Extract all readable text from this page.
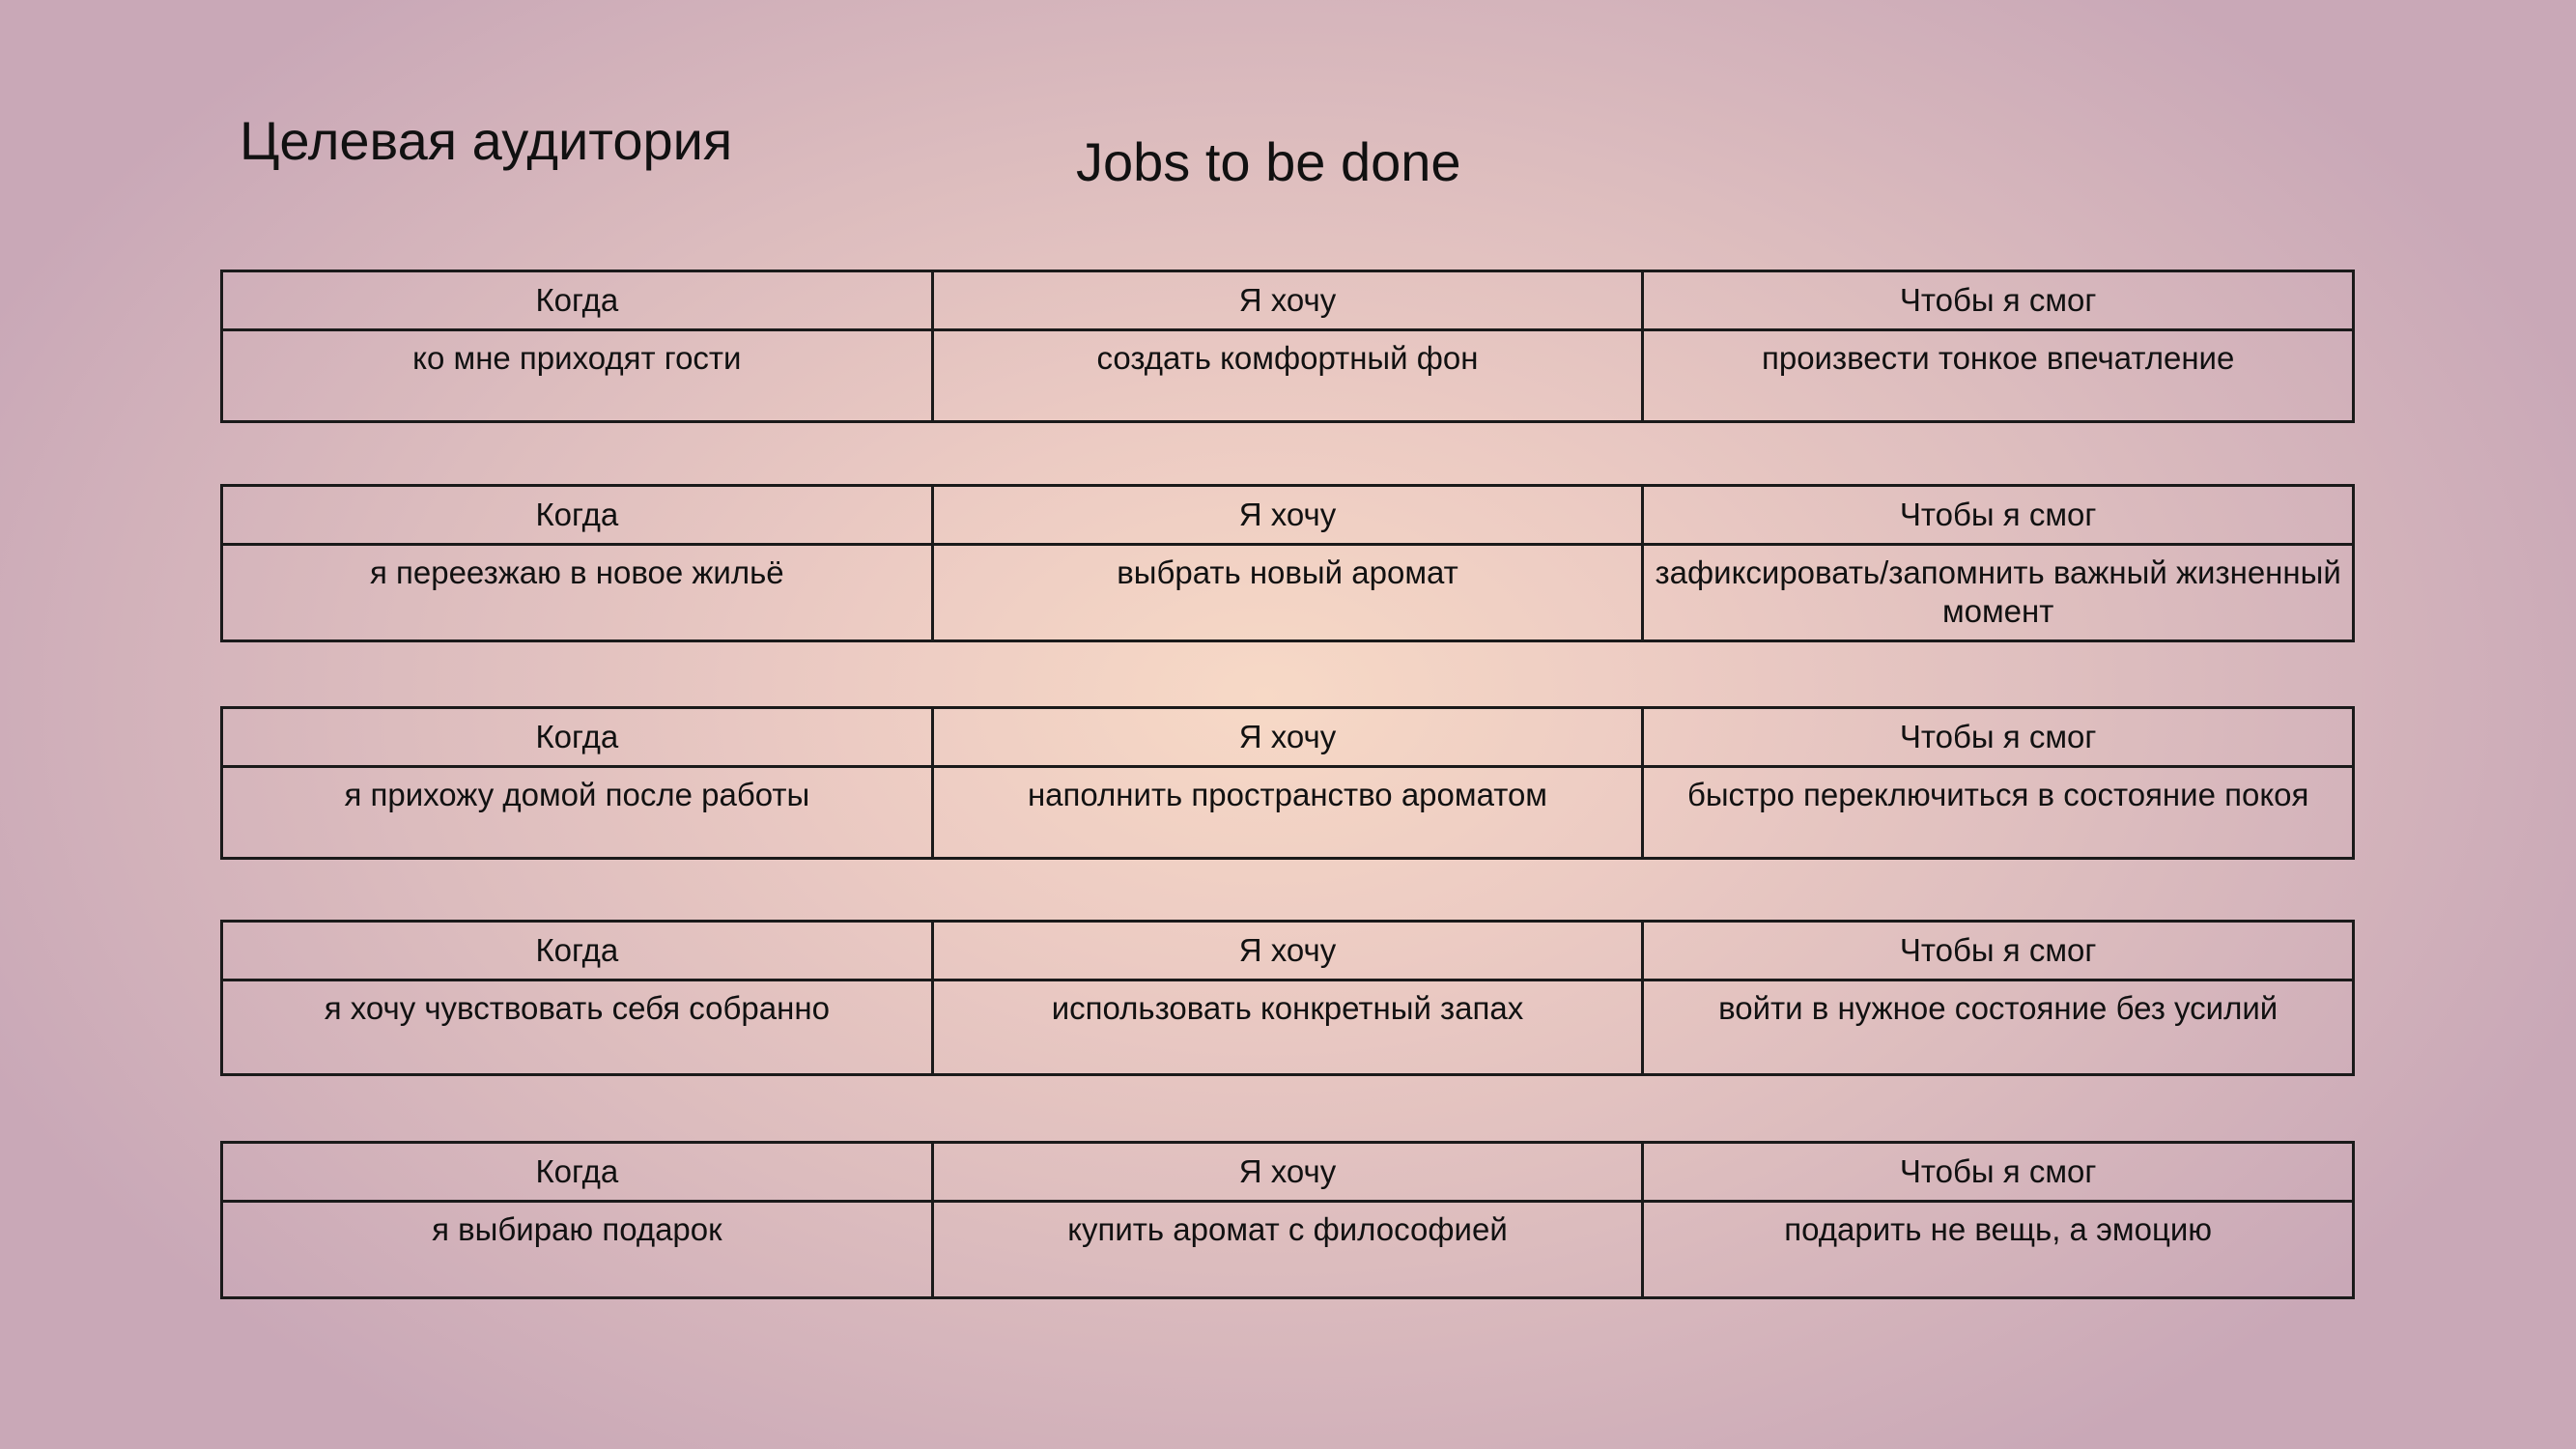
Целевая аудитория	Jobs to be done
Когда	Я хочу	Чтобы я смог
ко мне приходят гости	создать комфортный фон	произвести тонкое впечатление
Когда	Я хочу	Чтобы я смог
я переезжаю в новое жильё	выбрать новый аромат	зафиксировать/запомнить важный жизненный момент
Когда	Я хочу	Чтобы я смог
я прихожу домой после работы	наполнить пространство ароматом	быстро переключиться в состояние покоя
Когда	Я хочу	Чтобы я смог
я хочу чувствовать себя собранно	использовать конкретный запах	войти в нужное состояние без усилий
Когда	Я хочу	Чтобы я смог
я выбираю подарок	купить аромат с философией	подарить не вещь, а эмоцию
